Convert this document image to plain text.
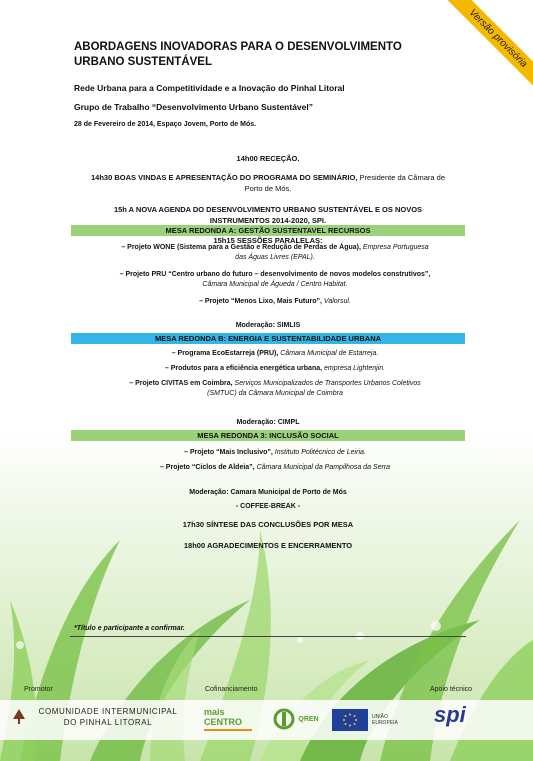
Versão provisória
ABORDAGENS INOVADORAS PARA O DESENVOLVIMENTO URBANO SUSTENTÁVEL
Rede Urbana para a Competitividade e a Inovação do Pinhal Litoral
Grupo de Trabalho “Desenvolvimento Urbano Sustentável”
28 de Fevereiro de 2014, Espaço Jovem, Porto de Mós.
14h00 RECEÇÃO.
14h30 BOAS VINDAS E APRESENTAÇÃO DO PROGRAMA DO SEMINÁRIO, Presidente da Câmara de
Porto de Mós.
15h A NOVA AGENDA DO DESENVOLVIMENTO URBANO SUSTENTÁVEL E OS NOVOS
INSTRUMENTOS 2014-2020, SPI.
15h15 SESSÕES PARALELAS:
MESA REDONDA A: GESTÃO SUSTENTAVEL RECURSOS
– Projeto WONE (Sistema para a Gestão e Redução de Perdas de Água), Empresa Portuguesa
das Águas Livres (EPAL).
– Projeto PRU “Centro urbano do futuro – desenvolvimento de novos modelos construtivos”,
Câmara Municipal de Águeda / Centro Habitat.
– Projeto “Menos Lixo, Mais Futuro”, Valorsul.
Moderação: SIMLIS
MESA REDONDA B: ENERGIA E SUSTENTABILIDADE URBANA
– Programa EcoEstarreja (PRU), Câmara Municipal de Estarreja.
– Produtos para a eficiência energética urbana, empresa Lightenjin.
– Projeto CIVITAS em Coimbra, Serviços Municipalizados de Transportes Urbanos Coletivos
(SMTUC) da Câmara Municipal de Coimbra
Moderação: CIMPL
MESA REDONDA 3: INCLUSÃO SOCIAL
– Projeto “Mais Inclusivo”, Instituto Politécnico de Leiria.
– Projeto “Ciclos de Aldeia”, Câmara Municipal da Pampilhosa da Serra
Moderação: Camara Municipal de Porto de Mós
- COFFEE-BREAK -
17h30 SÍNTESE DAS CONCLUSÕES POR MESA
18h00 AGRADECIMENTOS E ENCERRAMENTO
*Título e participante a confirmar.
Promotor	Cofinanciamento	Apoio técnico
COMUNIDADE INTERMUNICIPAL
DO PINHAL LITORAL
mais CENTRO	QREN	UNIÃO EUROPEIA	spi
